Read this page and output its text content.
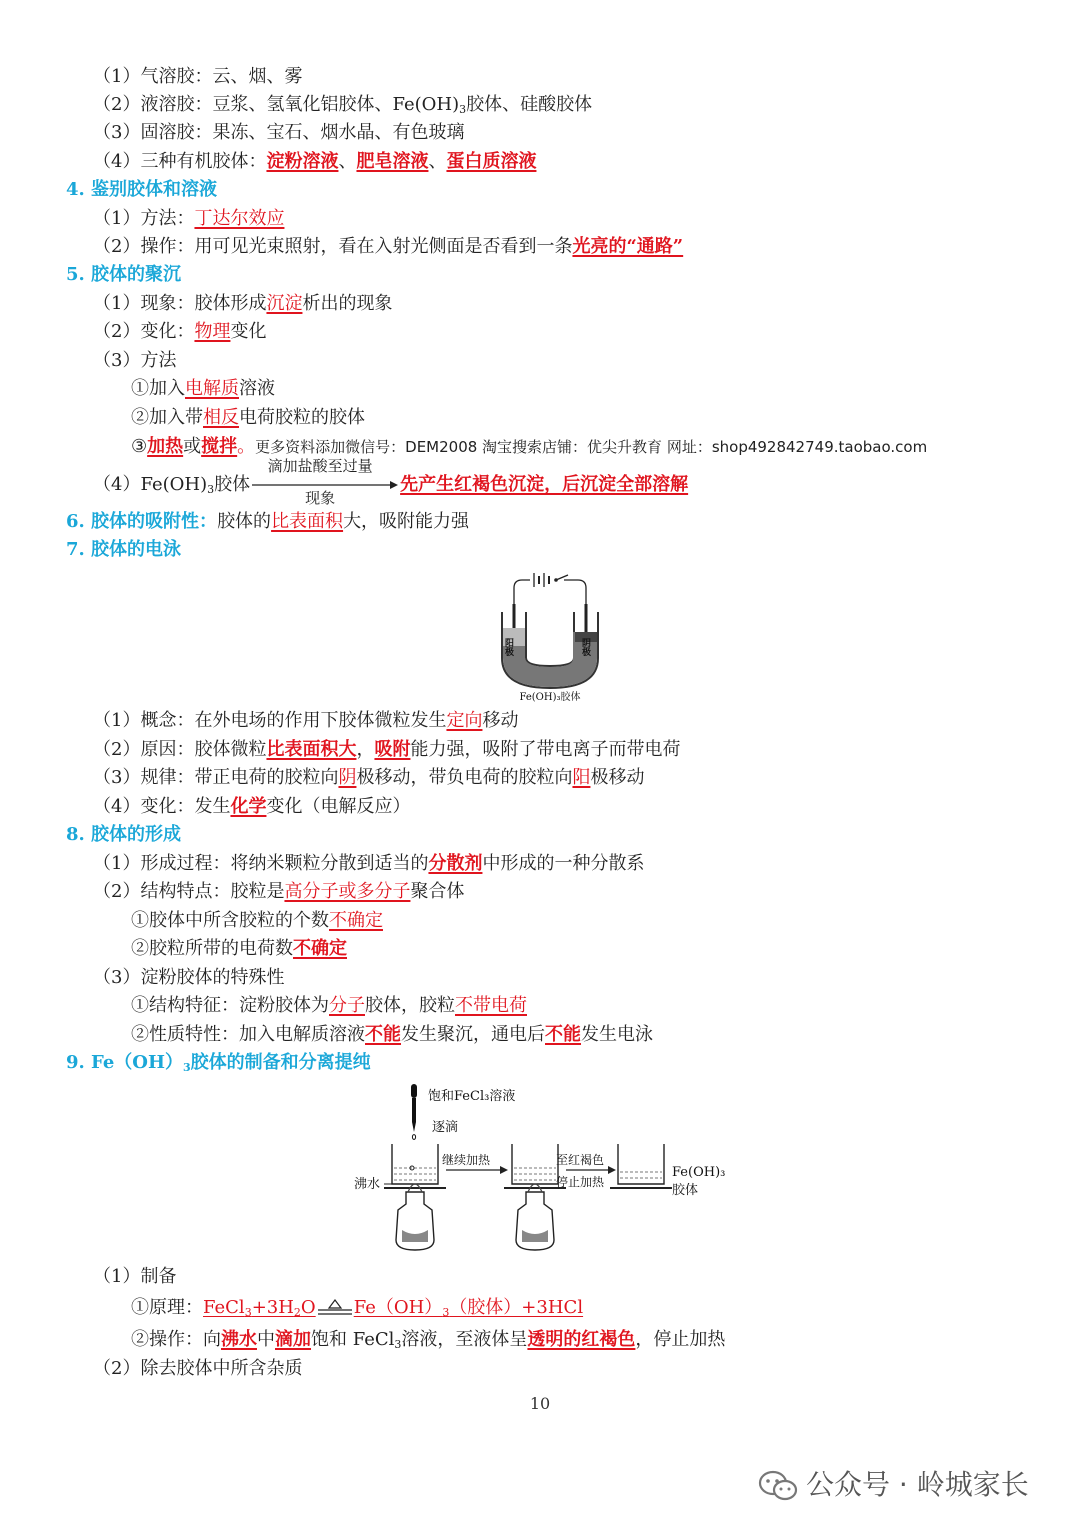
（1）气溶胶：云、烟、雾
（2）液溶胶：豆浆、氢氧化铝胶体、$Fe(OH)_3$胶体、硅酸胶体
（3）固溶胶：果冻、宝石、烟水晶、有色玻璃
（4）三种有机胶体：淀粉溶液、肥皂溶液、蛋白质溶液
4. 鉴别胶体和溶液
（1）方法：丁达尔效应
（2）操作：用可见光束照射，看在入射光侧面是否看到一条光亮的“通路”
5. 胶体的聚沉
（1）现象：胶体形成沉淀析出的现象
（2）变化：物理变化
（3）方法
①加入电解质溶液
②加入带相反电荷胶粒的胶体
③加热或搅拌。更多资料添加微信号：DEM2008 淘宝搜索店铺：优尖升教育 网址：shop492842749.taobao.com
$(4)Fe(OH)_3$胶体
滴加盐酸至过量
现象
先产生红褐色沉淀，后沉淀全部溶解
6. 胶体的吸附性：胶体的比表面积大，吸附能力强
7. 胶体的电泳
阳极	阴极
Fe(OH)₃胶体
（1）概念：在外电场的作用下胶体微粒发生定向移动
（2）原因：胶体微粒比表面积大，吸附能力强，吸附了带电离子而带电荷
（3）规律：带正电荷的胶粒向阴极移动，带负电荷的胶粒向阳极移动
（4）变化：发生化学变化（电解反应）
8. 胶体的形成
（1）形成过程：将纳米颗粒分散到适当的分散剂中形成的一种分散系
（2）结构特点：胶粒是高分子或多分子聚合体
①胶体中所含胶粒的个数不确定
②胶粒所带的电荷数不确定
（3）淀粉胶体的特殊性
①结构特征：淀粉胶体为分子胶体，胶粒不带电荷
②性质特性：加入电解质溶液不能发生聚沉，通电后不能发生电泳
9. $Fe(OH)_3$胶体的制备和分离提纯
饱和FeCl₃溶液
逐滴
沸水
继续加热	至红褐色
停止加热
Fe(OH)₃
胶体
（1）制备
①原理：$FeCl_3+3H_2O$ $Fe(OH)_3$（胶体）+3HCl
②操作：向沸水中滴加饱和 FeCl$_3$溶液，至液体呈透明的红褐色，停止加热
（2）除去胶体中所含杂质
10
公众号 · 岭城家长
